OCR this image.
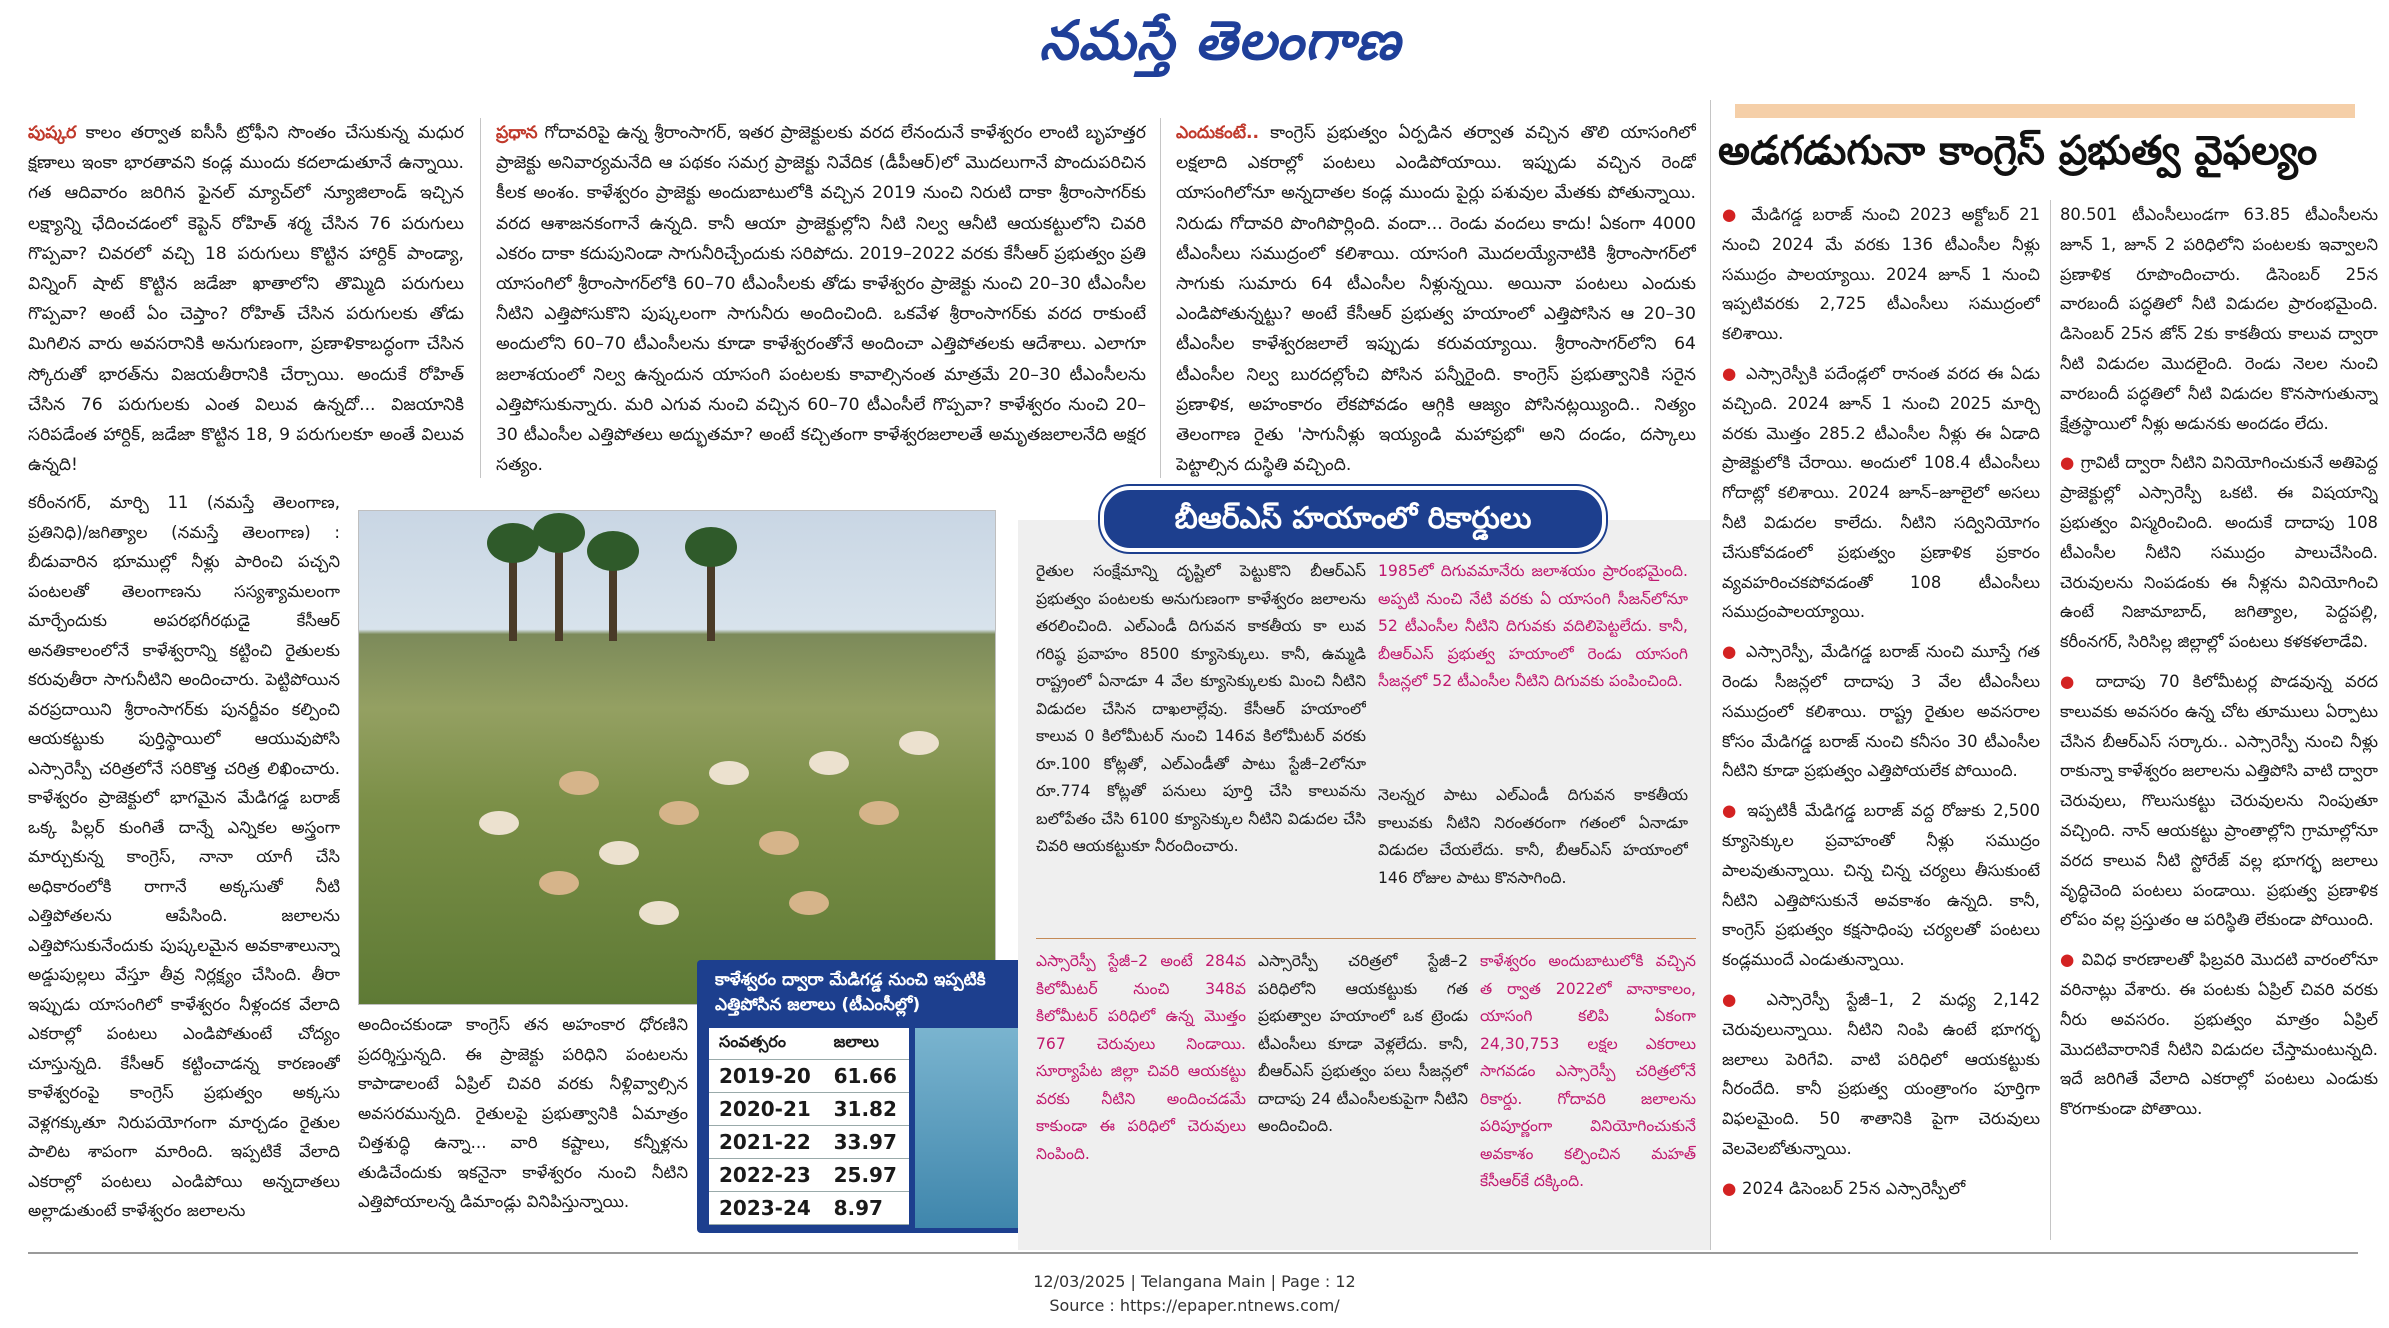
నమస్తే తెలంగాణ
పుష్కర కాలం తర్వాత ఐసీసీ ట్రోఫీని సొంతం చేసుకున్న మధుర క్షణాలు ఇంకా భారతావని కండ్ల ముందు కదలాడుతూనే ఉన్నాయి. గత ఆదివారం జరిగిన ఫైనల్ మ్యాచ్‌లో న్యూజిలాండ్ ఇచ్చిన లక్ష్యాన్ని ఛేదించడంలో కెప్టెన్ రోహిత్ శర్మ చేసిన 76 పరుగులు గొప్పవా? చివరలో వచ్చి 18 పరుగులు కొట్టిన హార్దిక్ పాండ్యా, విన్నింగ్ షాట్ కొట్టిన జడేజా ఖాతాలోని తొమ్మిది పరుగులు గొప్పవా? అంటే ఏం చెప్తాం? రోహిత్ చేసిన పరుగులకు తోడు మిగిలిన వారు అవసరానికి అనుగుణంగా, ప్రణాళికాబద్ధంగా చేసిన స్కోరుతో భారత్‌ను విజయతీరానికి చేర్చాయి. అందుకే రోహిత్ చేసిన 76 పరుగులకు ఎంత విలువ ఉన్నదో... విజయానికి సరిపడేంత హార్దిక్, జడేజా కొట్టిన 18, 9 పరుగులకూ అంతే విలువ ఉన్నది!
ప్రధాన గోదావరిపై ఉన్న శ్రీరాంసాగర్, ఇతర ప్రాజెక్టులకు వరద లేనందునే కాళేశ్వరం లాంటి బృహత్తర ప్రాజెక్టు అనివార్యమనేది ఆ పథకం సమగ్ర ప్రాజెక్టు నివేదిక (డీపీఆర్)లో మొదలుగానే పొందుపరిచిన కీలక అంశం. కాళేశ్వరం ప్రాజెక్టు అందుబాటులోకి వచ్చిన 2019 నుంచి నిరుటి దాకా శ్రీరాంసాగర్‌కు వరద ఆశాజనకంగానే ఉన్నది. కానీ ఆయా ప్రాజెక్టుల్లోని నీటి నిల్వ ఆనీటి ఆయకట్టులోని చివరి ఎకరం దాకా కదుపునిండా సాగునీరిచ్చేందుకు సరిపోదు. 2019–2022 వరకు కేసీఆర్ ప్రభుత్వం ప్రతి యాసంగిలో శ్రీరాంసాగర్‌లోకి 60–70 టీఎంసీలకు తోడు కాళేశ్వరం ప్రాజెక్టు నుంచి 20–30 టీఎంసీల నీటిని ఎత్తిపోసుకొని పుష్కలంగా సాగునీరు అందించింది. ఒకవేళ శ్రీరాంసాగర్‌కు వరద రాకుంటే అందులోని 60–70 టీఎంసీలను కూడా కాళేశ్వరంతోనే అందించా ఎత్తిపోతలకు ఆదేశాలు. ఎలాగూ జలాశయంలో నిల్వ ఉన్నందున యాసంగి పంటలకు కావాల్సినంత మాత్రమే 20–30 టీఎంసీలను ఎత్తిపోసుకున్నారు. మరి ఎగువ నుంచి వచ్చిన 60–70 టీఎంసీలే గొప్పవా? కాళేశ్వరం నుంచి 20–30 టీఎంసీల ఎత్తిపోతలు అద్భుతమా? అంటే కచ్చితంగా కాళేశ్వరజలాలతే అమృతజలాలనేది అక్షర సత్యం.
ఎందుకంటే.. కాంగ్రెస్ ప్రభుత్వం ఏర్పడిన తర్వాత వచ్చిన తొలి యాసంగిలో లక్షలాది ఎకరాల్లో పంటలు ఎండిపోయాయి. ఇప్పుడు వచ్చిన రెండో యాసంగిలోనూ అన్నదాతల కండ్ల ముందు పైర్లు పశువుల మేతకు పోతున్నాయి. నిరుడు గోదావరి పొంగిపొర్లింది. వందా... రెండు వందలు కాదు! ఏకంగా 4000 టీఎంసీలు సముద్రంలో కలిశాయి. యాసంగి మొదలయ్యేనాటికి శ్రీరాంసాగర్‌లో సాగుకు సుమారు 64 టీఎంసీల నీళ్లున్నయి. అయినా పంటలు ఎందుకు ఎండిపోతున్నట్టు? అంటే కేసీఆర్ ప్రభుత్వ హయాంలో ఎత్తిపోసిన ఆ 20–30 టీఎంసీల కాళేశ్వరజలాలే ఇప్పుడు కరువయ్యాయి. శ్రీరాంసాగర్‌లోని 64 టీఎంసీల నిల్వ బురదల్లోంచి పోసిన పన్నీరైంది. కాంగ్రెస్ ప్రభుత్వానికి సరైన ప్రణాళిక, అహంకారం లేకపోవడం ఆగ్గికి ఆజ్యం పోసినట్లయ్యింది.. నిత్యం తెలంగాణ రైతు 'సాగునీళ్లు ఇయ్యండి మహాప్రభో' అని దండం, దస్కాలు పెట్టాల్సిన దుస్థితి వచ్చింది.
కరీంనగర్, మార్చి 11 (నమస్తే తెలంగాణ, ప్రతినిధి)/జగిత్యాల (నమస్తే తెలంగాణ) : బీడువారిన భూముల్లో నీళ్లు పారించి పచ్చని పంటలతో తెలంగాణను సస్యశ్యామలంగా మార్చేందుకు అపరభగీరథుడై కేసీఆర్ అనతికాలంలోనే కాళేశ్వరాన్ని కట్టించి రైతులకు కరువుతీరా సాగునీటిని అందించారు. పెట్టిపోయిన వరప్రదాయిని శ్రీరాంసాగర్‌కు పునర్జీవం కల్పించి ఆయకట్టుకు పుర్తిస్థాయిలో ఆయువుపోసి ఎస్సారెస్పీ చరిత్రలోనే సరికొత్త చరిత్ర లిఖించారు. కాళేశ్వరం ప్రాజెక్టులో భాగమైన మేడిగడ్డ బరాజ్ ఒక్క పిల్లర్ కుంగితే దాన్నే ఎన్నికల అస్త్రంగా మార్చుకున్న కాంగ్రెస్, నానా యాగీ చేసి అధికారంలోకి రాగానే అక్కసుతో నీటి ఎత్తిపోతలను ఆపేసింది. జలాలను ఎత్తిపోసుకునేందుకు పుష్కలమైన అవకాశాలున్నా అడ్డుపుల్లలు వేస్తూ తీవ్ర నిర్లక్ష్యం చేసింది. తీరా ఇప్పుడు యాసంగిలో కాళేశ్వరం నీళ్లందక వేలాది ఎకరాల్లో పంటలు ఎండిపోతుంటే చోద్యం చూస్తున్నది. కేసీఆర్ కట్టించాడన్న కారణంతో కాళేశ్వరంపై కాంగ్రెస్ ప్రభుత్వం అక్కసు వెళ్లగక్కుతూ నిరుపయోగంగా మార్చడం రైతుల పాలిట శాపంగా మారింది. ఇప్పటికే వేలాది ఎకరాల్లో పంటలు ఎండిపోయి అన్నదాతలు అల్లాడుతుంటే కాళేశ్వరం జలాలను
కాళేశ్వరం ద్వారా మేడిగడ్డ నుంచి ఇప్పటికి ఎత్తిపోసిన జలాలు (టీఎంసీల్లో)
సంవత్సరం	జలాలు
2019-20	61.66
2020-21	31.82
2021-22	33.97
2022-23	25.97
2023-24	8.97
అందించకుండా కాంగ్రెస్ తన అహంకార ధోరణిని ప్రదర్శిస్తున్నది. ఈ ప్రాజెక్టు పరిధిని పంటలను కాపాడాలంటే ఏప్రిల్ చివరి వరకు నీళ్లివ్వాల్సిన అవసరమున్నది. రైతులపై ప్రభుత్వానికి ఏమాత్రం చిత్తశుద్ధి ఉన్నా... వారి కష్టాలు, కన్నీళ్లను తుడిచేందుకు ఇకనైనా కాళేశ్వరం నుంచి నీటిని ఎత్తిపోయాలన్న డిమాండ్లు వినిపిస్తున్నాయి.
రైతుల సంక్షేమాన్ని దృష్టిలో పెట్టుకొని బీఆర్‌ఎస్ ప్రభుత్వం పంటలకు అనుగుణంగా కాళేశ్వరం జలాలను తరలించింది. ఎల్‌ఎండీ దిగువన కాకతీయ కా లువ గరిష్ఠ ప్రవాహం 8500 క్యూసెక్కులు. కానీ, ఉమ్మడి రాష్ట్రంలో ఏనాడూ 4 వేల క్యూసెక్కులకు మించి నీటిని విడుదల చేసిన దాఖలాల్లేవు. కేసీఆర్ హయాంలో కాలువ 0 కిలోమీటర్ నుంచి 146వ కిలోమీటర్ వరకు రూ.100 కోట్లతో, ఎల్‌ఎండీతో పాటు స్టేజీ–2లోనూ రూ.774 కోట్లతో పనులు పూర్తి చేసి కాలువను బలోపేతం చేసి 6100 క్యూసెక్కుల నీటిని విడుదల చేసి చివరి ఆయకట్టుకూ నీరందించారు.
1985లో దిగువమానేరు జలాశయం ప్రారంభమైంది. అప్పటి నుంచి నేటి వరకు ఏ యాసంగి సీజన్‌లోనూ 52 టీఎంసీల నీటిని దిగువకు వదిలిపెట్టలేదు. కానీ, బీఆర్‌ఎస్ ప్రభుత్వ హయాంలో రెండు యాసంగి సీజన్లలో 52 టీఎంసీల నీటిని దిగువకు పంపించింది.
నెలన్నర పాటు ఎల్‌ఎండీ దిగువన కాకతీయ కాలువకు నీటిని నిరంతరంగా గతంలో ఏనాడూ విడుదల చేయలేదు. కానీ, బీఆర్‌ఎస్ హయాంలో 146 రోజుల పాటు కొనసాగింది.
ఎస్సారెస్పీ స్టేజీ–2 అంటే 284వ కిలోమీటర్ నుంచి 348వ కిలోమీటర్ పరిధిలో ఉన్న మొత్తం 767 చెరువులు నిండాయి. సూర్యాపేట జిల్లా చివరి ఆయకట్టు వరకు నీటిని అందించడమే కాకుండా ఈ పరిధిలో చెరువులు నింపింది.
ఎస్సారెస్పీ చరిత్రలో స్టేజీ–2 పరిధిలోని ఆయకట్టుకు గత ప్రభుత్వాల హయాంలో ఒక ట్రెండు టీఎంసీలు కూడా వెళ్లలేదు. కానీ, బీఆర్‌ఎస్ ప్రభుత్వం పలు సీజన్లలో దాదాపు 24 టీఎంసీలకుపైగా నీటిని అందించింది.
కాళేశ్వరం అందుబాటులోకి వచ్చిన త ర్వాత 2022లో వానాకాలం, యాసంగి కలిపి ఏకంగా 24,30,753 లక్షల ఎకరాలు సాగవడం ఎస్సారెస్పీ చరిత్రలోనే రికార్డు. గోదావరి జలాలను పరిపూర్ణంగా వినియోగించుకునే అవకాశం కల్పించిన మహత్ కేసీఆర్‌కే దక్కింది.
బీఆర్‌ఎస్ హయాంలో రికార్డులు
అడగడుగునా కాంగ్రెస్ ప్రభుత్వ వైఫల్యం

● మేడిగడ్డ బరాజ్ నుంచి 2023 అక్టోబర్ 21 నుంచి 2024 మే వరకు 136 టీఎంసీల నీళ్లు సముద్రం పాలయ్యాయి. 2024 జూన్ 1 నుంచి ఇప్పటివరకు 2,725 టీఎంసీలు సముద్రంలో కలిశాయి.

● ఎస్సారెస్పీకి పదేండ్లలో రానంత వరద ఈ ఏడు వచ్చింది. 2024 జూన్ 1 నుంచి 2025 మార్చి వరకు మొత్తం 285.2 టీఎంసీల నీళ్లు ఈ ఏడాది ప్రాజెక్టులోకి చేరాయి. అందులో 108.4 టీఎంసీలు గోదాట్లో కలిశాయి. 2024 జూన్–జూలైలో అసలు నీటి విడుదల కాలేదు. నీటిని సద్వినియోగం చేసుకోవడంలో ప్రభుత్వం ప్రణాళిక ప్రకారం వ్యవహరించకపోవడంతో 108 టీఎంసీలు సముద్రంపాలయ్యాయి.

● ఎస్సారెస్పీ, మేడిగడ్డ బరాజ్ నుంచి మూస్తే గత రెండు సీజన్లలో దాదాపు 3 వేల టీఎంసీలు సముద్రంలో కలిశాయి. రాష్ట్ర రైతుల అవసరాల కోసం మేడిగడ్డ బరాజ్ నుంచి కనీసం 30 టీఎంసీల నీటిని కూడా ప్రభుత్వం ఎత్తిపోయలేక పోయింది.

● ఇప్పటికీ మేడిగడ్డ బరాజ్ వద్ద రోజుకు 2,500 క్యూసెక్కుల ప్రవాహంతో నీళ్లు సముద్రం పాలవుతున్నాయి. చిన్న చిన్న చర్యలు తీసుకుంటే నీటిని ఎత్తిపోసుకునే అవకాశం ఉన్నది. కానీ, కాంగ్రెస్ ప్రభుత్వం కక్షసాధింపు చర్యలతో పంటలు కండ్లముందే ఎండుతున్నాయి.

● ఎస్సారెస్పీ స్టేజీ–1, 2 మధ్య 2,142 చెరువులున్నాయి. నీటిని నింపి ఉంటే భూగర్భ జలాలు పెరిగేవి. వాటి పరిధిలో ఆయకట్టుకు నీరందేది. కానీ ప్రభుత్వ యంత్రాంగం పూర్తిగా విఫలమైంది. 50 శాతానికి పైగా చెరువులు వెలవెలబోతున్నాయి.

● 2024 డిసెంబర్ 25న ఎస్సారెస్పీలో

80.501 టీఎంసీలుండగా 63.85 టీఎంసీలను జూన్ 1, జూన్ 2 పరిధిలోని పంటలకు ఇవ్వాలని ప్రణాళిక రూపొందించారు. డిసెంబర్ 25న వారబందీ పద్ధతిలో నీటి విడుదల ప్రారంభమైంది. డిసెంబర్ 25న జోన్ 2కు కాకతీయ కాలువ ద్వారా నీటి విడుదల మొదలైంది. రెండు నెలల నుంచి వారబందీ పద్ధతిలో నీటి విడుదల కొనసాగుతున్నా క్షేత్రస్థాయిలో నీళ్లు అడునకు అందడం లేదు.

● గ్రావిటీ ద్వారా నీటిని వినియోగించుకునే అతిపెద్ద ప్రాజెక్టుల్లో ఎస్సారెస్పీ ఒకటి. ఈ విషయాన్ని ప్రభుత్వం విస్మరించింది. అందుకే దాదాపు 108 టీఎంసీల నీటిని సముద్రం పాలుచేసింది. చెరువులను నింపడంకు ఈ నీళ్లను వినియోగించి ఉంటే నిజామాబాద్, జగిత్యాల, పెద్దపల్లి, కరీంనగర్, సిరిసిల్ల జిల్లాల్లో పంటలు కళకళలాడేవి.

● దాదాపు 70 కిలోమీటర్ల పొడవున్న వరద కాలువకు అవసరం ఉన్న చోట తూములు ఏర్పాటు చేసిన బీఆర్‌ఎస్ సర్కారు.. ఎస్సారెస్పీ నుంచి నీళ్లు రాకున్నా కాళేశ్వరం జలాలను ఎత్తిపోసి వాటి ద్వారా చెరువులు, గొలుసుకట్టు చెరువులను నింపుతూ వచ్చింది. నాన్ ఆయకట్టు ప్రాంతాల్లోని గ్రామాల్లోనూ వరద కాలువ నీటి స్టోరేజ్ వల్ల భూగర్భ జలాలు వృద్ధిచెంది పంటలు పండాయి. ప్రభుత్వ ప్రణాళిక లోపం వల్ల ప్రస్తుతం ఆ పరిస్థితి లేకుండా పోయింది.

● వివిధ కారణాలతో ఫిబ్రవరి మొదటి వారంలోనూ వరినాట్లు వేశారు. ఈ పంటకు ఏప్రిల్ చివరి వరకు నీరు అవసరం. ప్రభుత్వం మాత్రం ఏప్రిల్ మొదటివారానికే నీటిని విడుదల చేస్తామంటున్నది. ఇదే జరిగితే వేలాది ఎకరాల్లో పంటలు ఎండుకు కొరగాకుండా పోతాయి.

12/03/2025 | Telangana Main | Page : 12
Source : https://epaper.ntnews.com/
